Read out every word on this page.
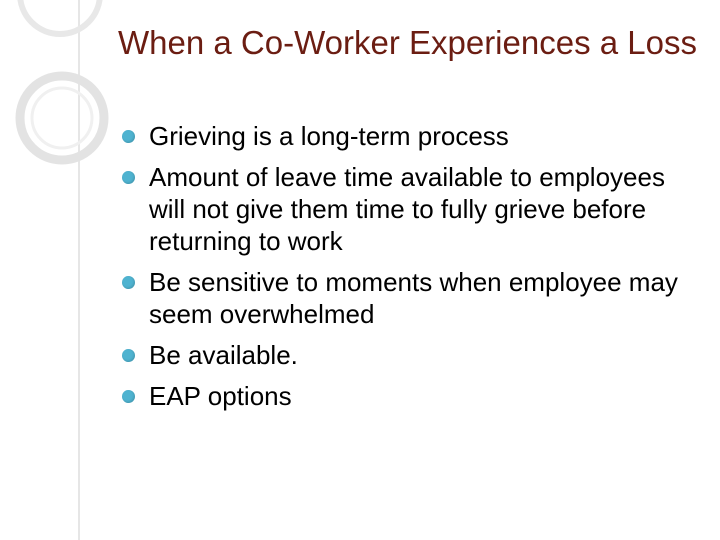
When a Co-Worker Experiences a Loss
Grieving is a long-term process
Amount of leave time available to employees will not give them time to fully grieve before returning to work
Be sensitive to moments when employee may seem overwhelmed
Be available.
EAP options
